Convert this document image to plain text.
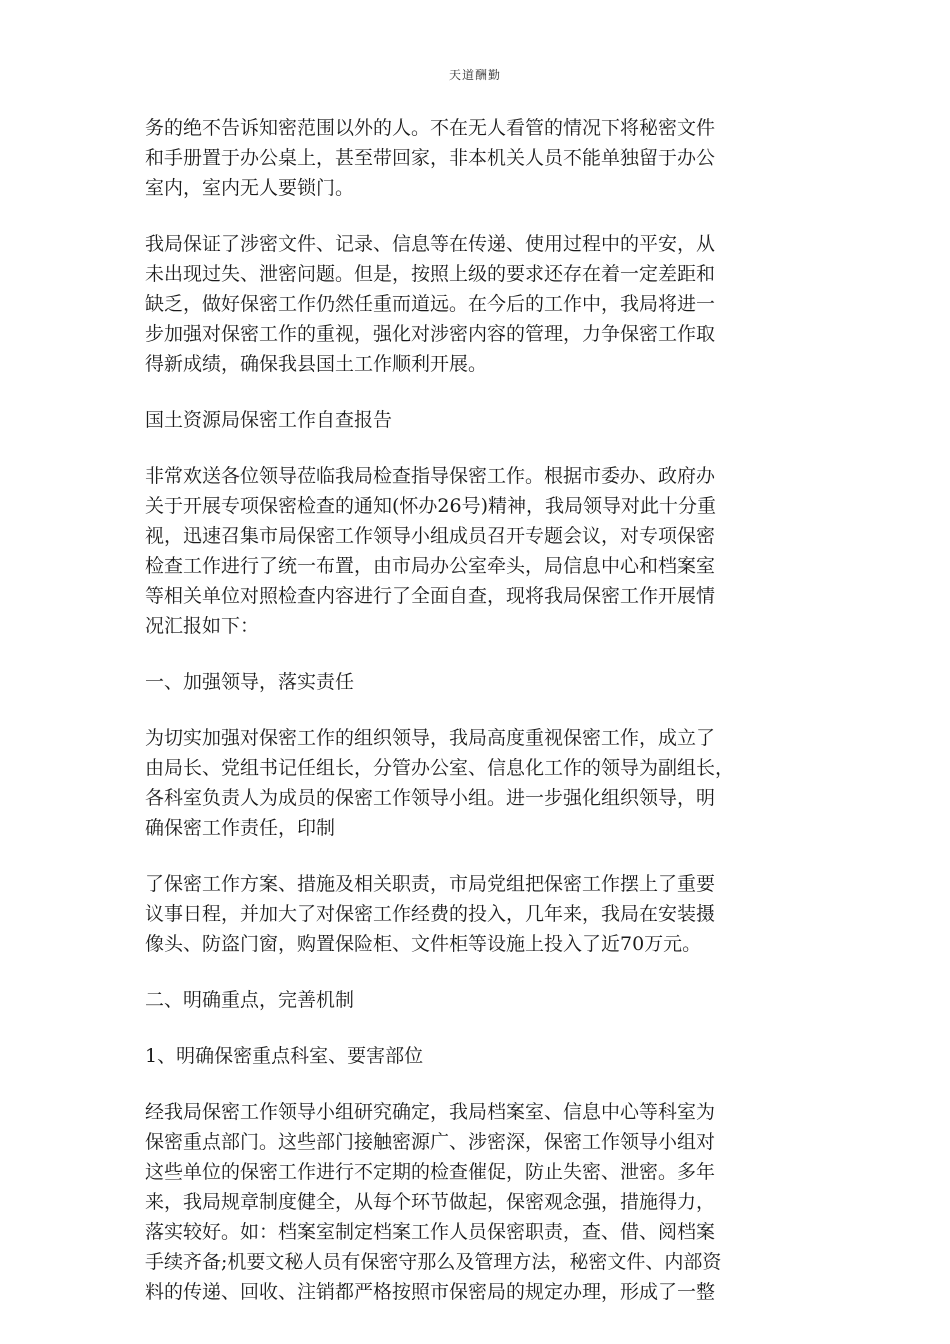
天道酬勤
务的绝不告诉知密范围以外的人。不在无人看管的情况下将秘密文件
和手册置于办公桌上，甚至带回家，非本机关人员不能单独留于办公
室内，室内无人要锁门。
我局保证了涉密文件、记录、信息等在传递、使用过程中的平安，从
未出现过失、泄密问题。但是，按照上级的要求还存在着一定差距和
缺乏，做好保密工作仍然任重而道远。在今后的工作中，我局将进一
步加强对保密工作的重视，强化对涉密内容的管理，力争保密工作取
得新成绩，确保我县国土工作顺利开展。
国土资源局保密工作自查报告
非常欢送各位领导莅临我局检查指导保密工作。根据市委办、政府办
关于开展专项保密检查的通知(怀办26号)精神，我局领导对此十分重
视，迅速召集市局保密工作领导小组成员召开专题会议，对专项保密
检查工作进行了统一布置，由市局办公室牵头，局信息中心和档案室
等相关单位对照检查内容进行了全面自查，现将我局保密工作开展情
况汇报如下：
一、加强领导，落实责任
为切实加强对保密工作的组织领导，我局高度重视保密工作，成立了
由局长、党组书记任组长，分管办公室、信息化工作的领导为副组长，
各科室负责人为成员的保密工作领导小组。进一步强化组织领导，明
确保密工作责任，印制
了保密工作方案、措施及相关职责，市局党组把保密工作摆上了重要
议事日程，并加大了对保密工作经费的投入，几年来，我局在安装摄
像头、防盗门窗，购置保险柜、文件柜等设施上投入了近70万元。
二、明确重点，完善机制
1、明确保密重点科室、要害部位
经我局保密工作领导小组研究确定，我局档案室、信息中心等科室为
保密重点部门。这些部门接触密源广、涉密深，保密工作领导小组对
这些单位的保密工作进行不定期的检查催促，防止失密、泄密。多年
来，我局规章制度健全，从每个环节做起，保密观念强，措施得力，
落实较好。如：档案室制定档案工作人员保密职责，查、借、阅档案
手续齐备;机要文秘人员有保密守那么及管理方法，秘密文件、内部资
料的传递、回收、注销都严格按照市保密局的规定办理，形成了一整
